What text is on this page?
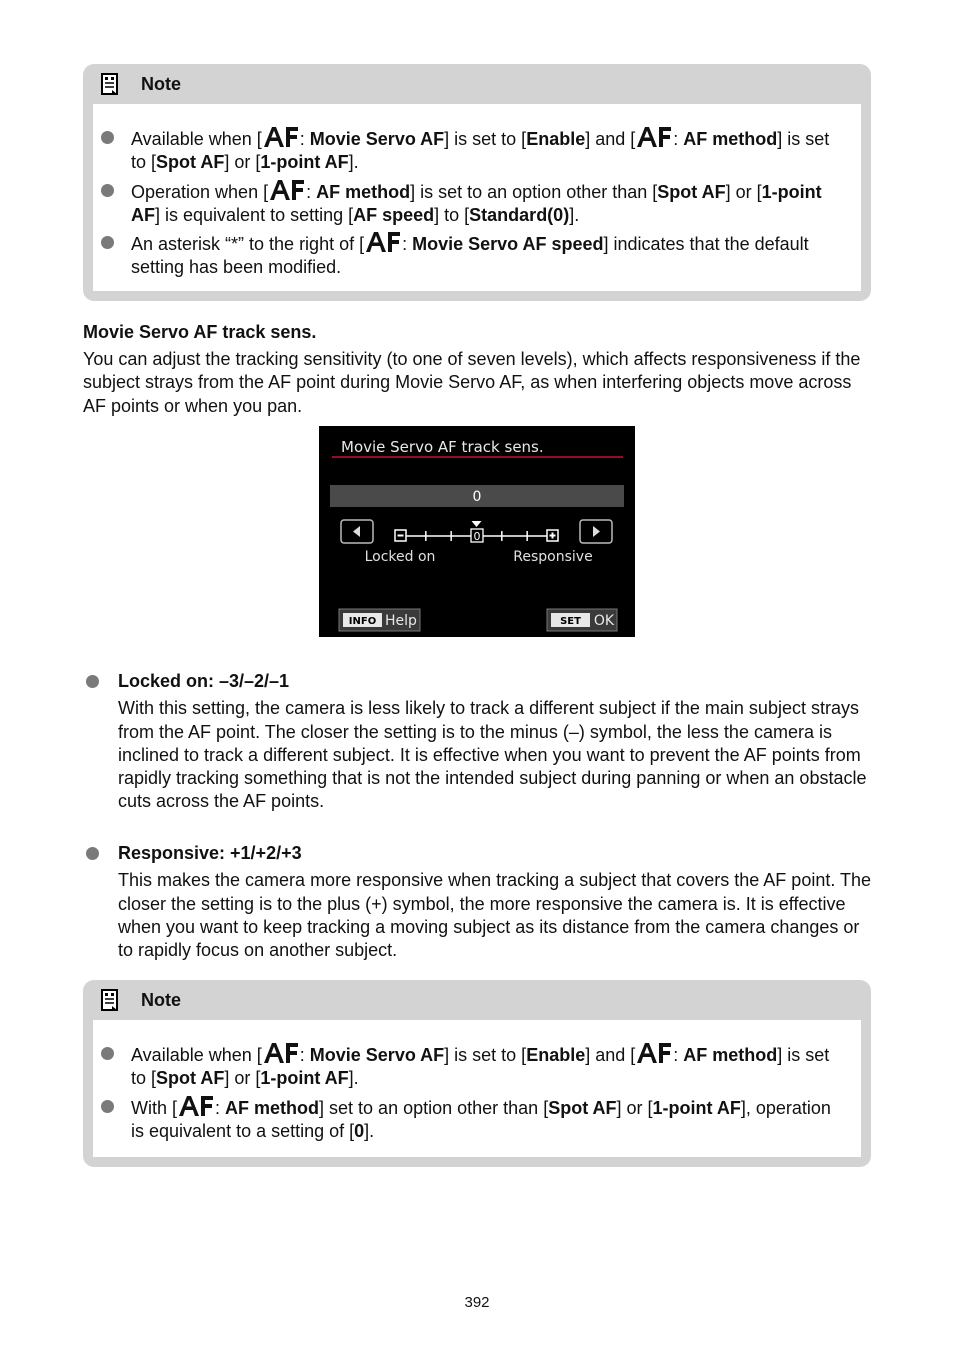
Note
Available when [ : Movie Servo AF] is set to [Enable] and [ : AF method] is set to [Spot AF] or [1-point AF].
Operation when [ : AF method] is set to an option other than [Spot AF] or [1-point AF] is equivalent to setting [AF speed] to [Standard(0)].
An asterisk “*” to the right of [ : Movie Servo AF speed] indicates that the default setting has been modified.
Movie Servo AF track sens.
You can adjust the tracking sensitivity (to one of seven levels), which affects responsiveness if the subject strays from the AF point during Movie Servo AF, as when interfering objects move across AF points or when you pan.
Movie Servo AF track sens.
0
0
Locked on	Responsive
INFO Help	SET OK
Locked on: –3/–2/–1
With this setting, the camera is less likely to track a different subject if the main subject strays from the AF point. The closer the setting is to the minus (–) symbol, the less the camera is inclined to track a different subject. It is effective when you want to prevent the AF points from rapidly tracking something that is not the intended subject during panning or when an obstacle cuts across the AF points.
Responsive: +1/+2/+3
This makes the camera more responsive when tracking a subject that covers the AF point. The closer the setting is to the plus (+) symbol, the more responsive the camera is. It is effective when you want to keep tracking a moving subject as its distance from the camera changes or to rapidly focus on another subject.
Note
Available when [ : Movie Servo AF] is set to [Enable] and [ : AF method] is set to [Spot AF] or [1-point AF].
With [ : AF method] set to an option other than [Spot AF] or [1-point AF], operation is equivalent to a setting of [0].
392
